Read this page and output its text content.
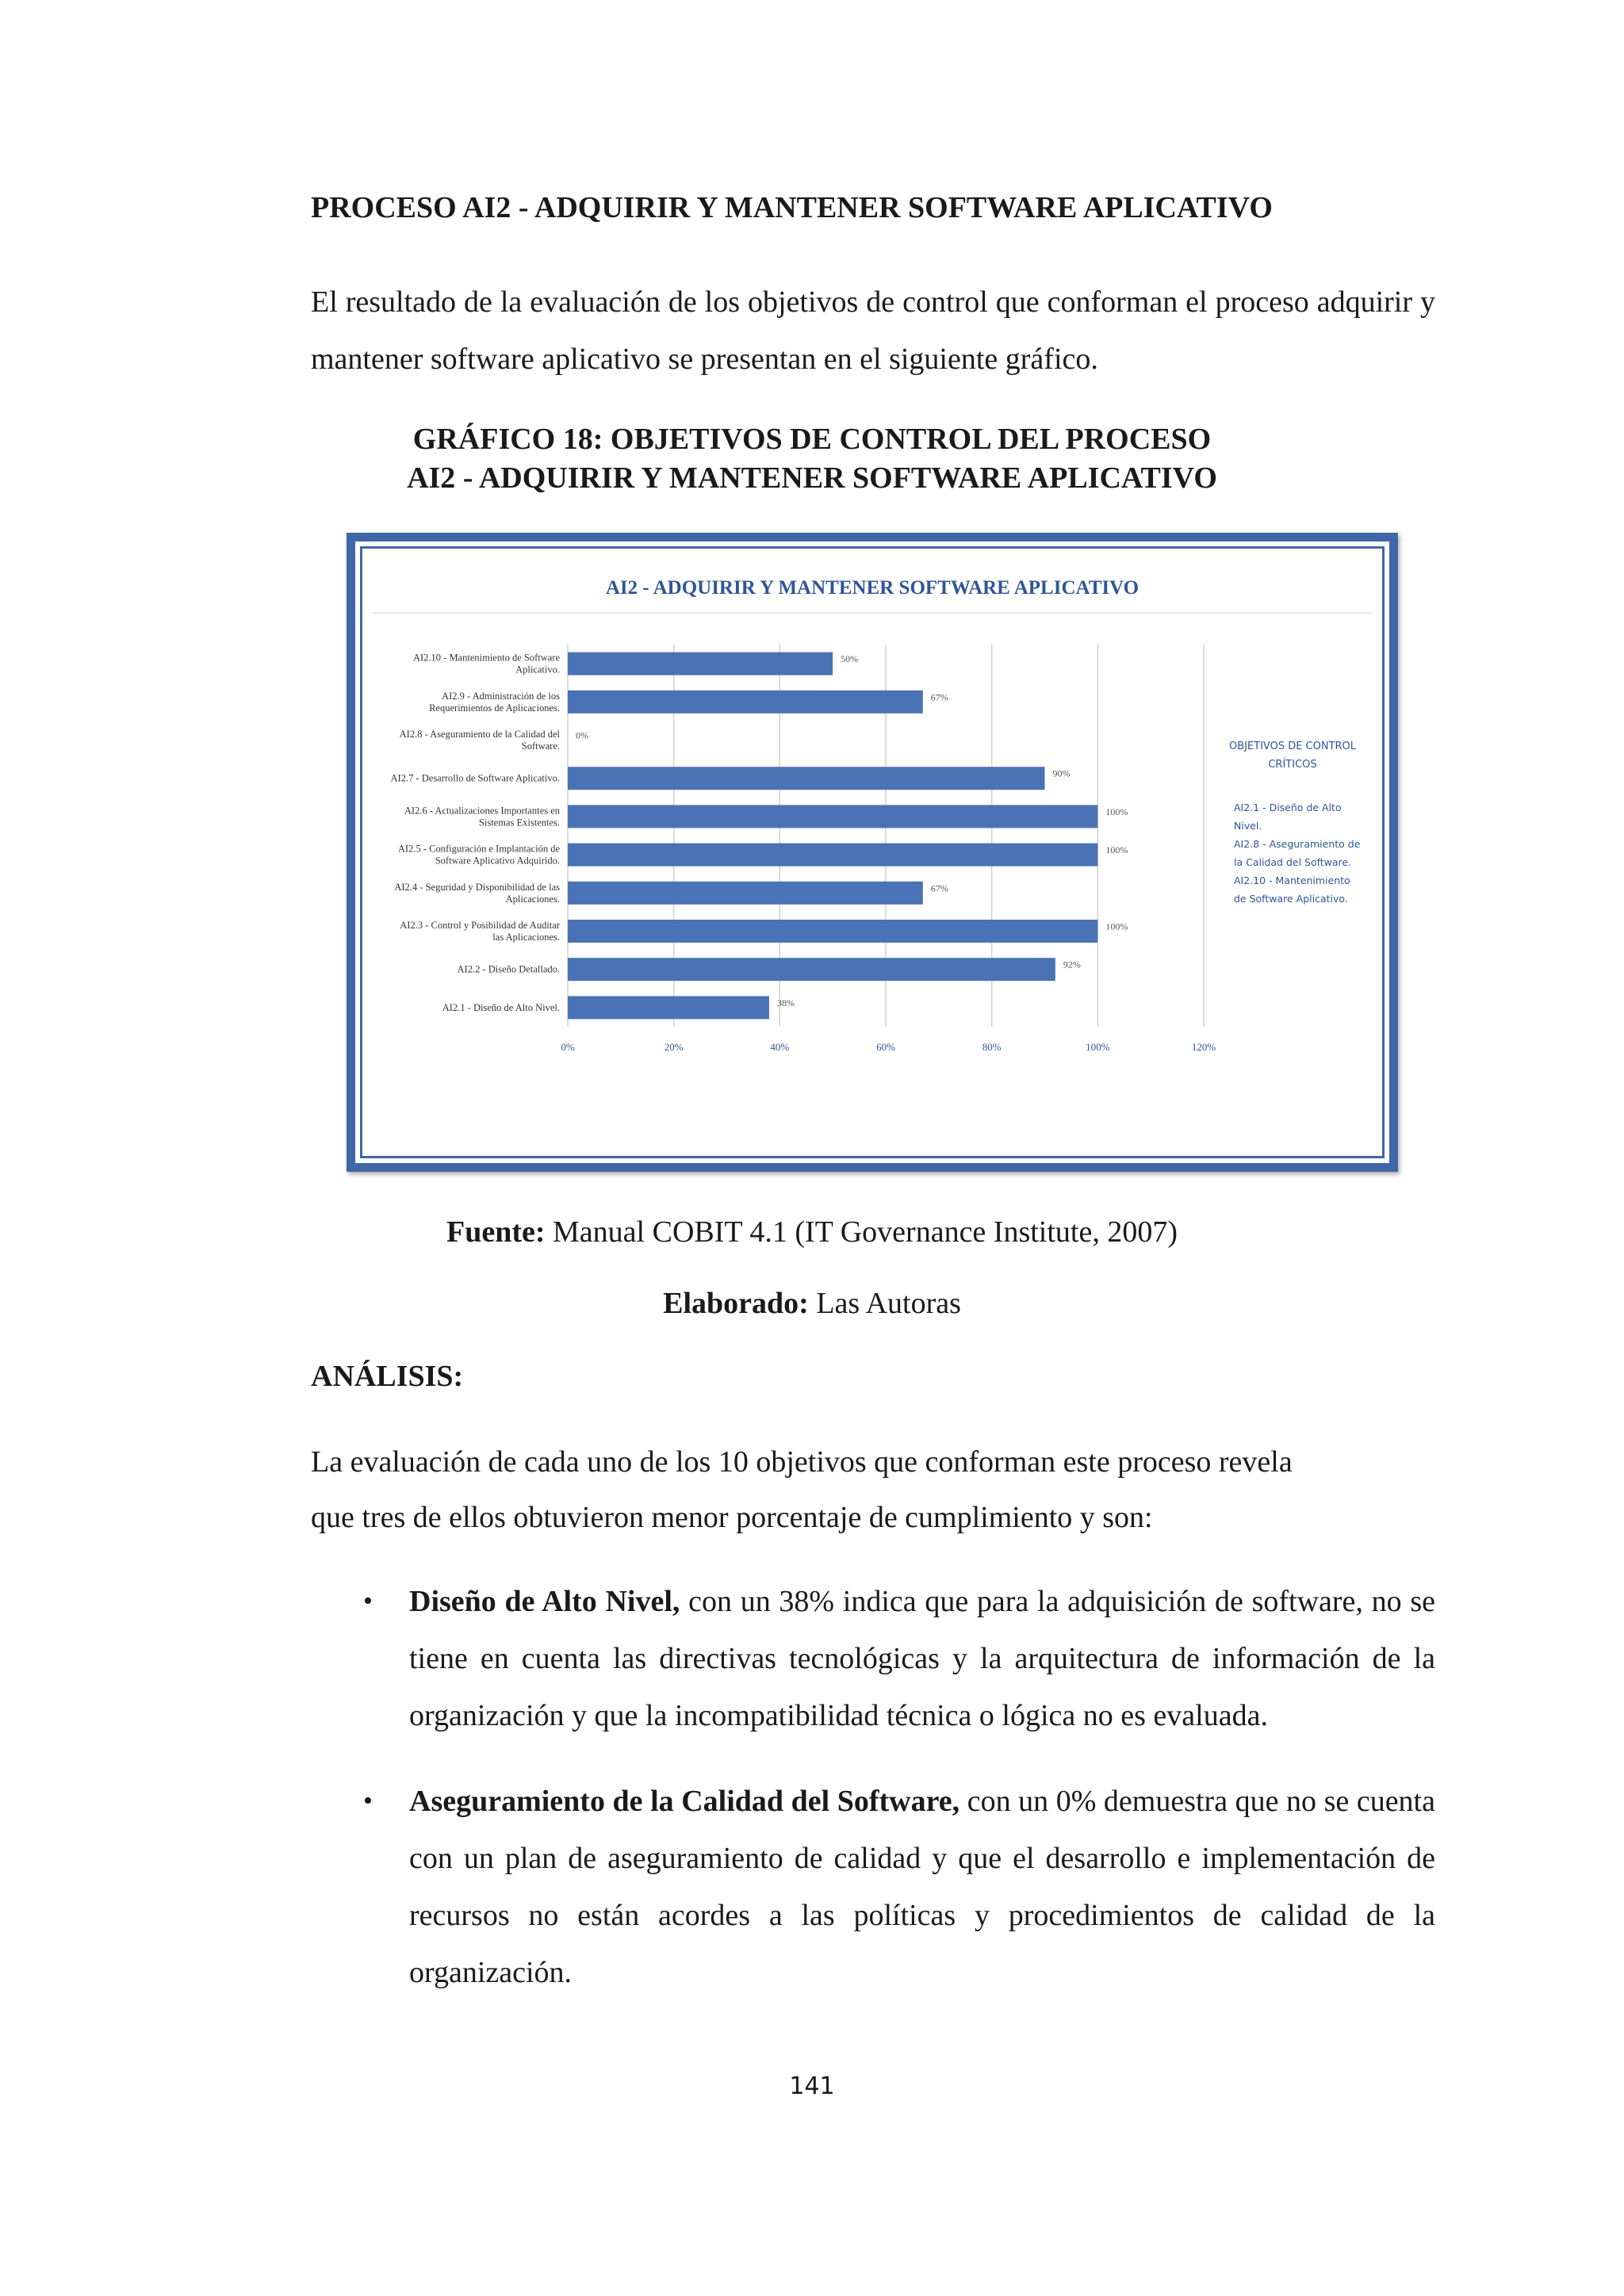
PROCESO AI2 - ADQUIRIR Y MANTENER SOFTWARE APLICATIVO
El resultado de la evaluación de los objetivos de control que conforman el proceso adquirir y mantener software aplicativo se presentan en el siguiente gráfico.
GRÁFICO 18: OBJETIVOS DE CONTROL DEL PROCESO
AI2 - ADQUIRIR Y MANTENER SOFTWARE APLICATIVO
AI2 - ADQUIRIR Y MANTENER SOFTWARE APLICATIVO
0%	20%	40%	60%	80%	100%	120%
50%
AI2.10 - Mantenimiento de Software
Aplicativo.
67%
AI2.9 - Administración de los
Requerimientos de Aplicaciones.
0%
AI2.8 - Aseguramiento de la Calidad del
Software.
90%
AI2.7 - Desarrollo de Software Aplicativo.
100%
AI2.6 - Actualizaciones Importantes en
Sistemas Existentes.
100%
AI2.5 - Configuración e Implantación de
Software Aplicativo Adquirido.
67%
AI2.4 - Seguridad y Disponibilidad de las
Aplicaciones.
100%
AI2.3 - Control y Posibilidad de Auditar
las Aplicaciones.
92%
AI2.2 - Diseño Detallado.
38%
AI2.1 - Diseño de Alto Nivel.
OBJETIVOS DE CONTROL
CRÍTICOS
AI2.1 - Diseño de Alto
Nivel.
AI2.8 - Aseguramiento de
la Calidad del Software.
AI2.10 - Mantenimiento
de Software Aplicativo.
Fuente: Manual COBIT 4.1 (IT Governance Institute, 2007)
Elaborado: Las Autoras
ANÁLISIS:
La evaluación de cada uno de los 10 objetivos que conforman este proceso revela
que tres de ellos obtuvieron menor porcentaje de cumplimiento y son:
• Diseño de Alto Nivel, con un 38% indica que para la adquisición de software, no se tiene en cuenta las directivas tecnológicas y la arquitectura de información de la organización y que la incompatibilidad técnica o lógica no es evaluada.
• Aseguramiento de la Calidad del Software, con un 0% demuestra que no se cuenta con un plan de aseguramiento de calidad y que el desarrollo e implementación de recursos no están acordes a las políticas y procedimientos de calidad de la organización.
141
